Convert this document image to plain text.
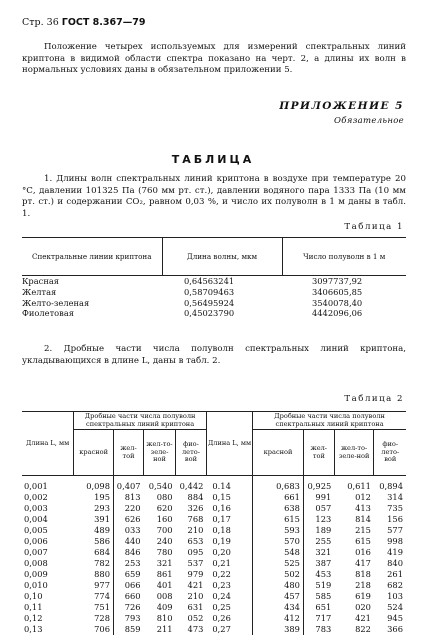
Стр. 36 ГОСТ 8.367—79

Положение четырех используемых для измерений спектральных линий криптона в видимой области спектра показано на черт. 2, а длины их волн в нормальных условиях даны в обязательном приложении 5.

ПРИЛОЖЕНИЕ 5
Обязательное
ТАБЛИЦА

1. Длины волн спектральных линий криптона в воздухе при температуре 20 °С, давлении 101325 Па (760 мм рт. ст.), давлении водяного пара 1333 Па (10 мм рт. ст.) и содержании CO₂, равном 0,03 %, и число их полуволн в 1 м даны в табл. 1.

Таблица 1
Спектральные линии криптона	Длина волны, мкм	Число полуволн в 1 м
Красная	0,64563241	3097737,92
Желтая	0,58709463	3406605,85
Желто-зеленая	0,56495924	3540078,40
Фиолетовая	0,45023790	4442096,06

2. Дробные части числа полуволн спектральных линий криптона, укладывающихся в длине L, даны в табл. 2.

Таблица 2
Длина L, мм	Дробные части числа полуволн спектральных линий криптона				Длина L, мм	Дробные части числа полуволн спектральных линий криптона			
	красной	жел-той	жел-то-зеле-ной	фио-лето-вой		красной	жел-той	жел-то-зеле-ной	фио-лето-вой
0,001	0,098	0,407	0,540	0,442	0.14	0,683	0,925	0,611	0,894
0,002	195	813	080	884	0,15	661	991	012	314
0,003	293	220	620	326	0,16	638	057	413	735
0,004	391	626	160	768	0,17	615	123	814	156
0,005	489	033	700	210	0,18	593	189	215	577
0,006	586	440	240	653	0,19	570	255	615	998
0,007	684	846	780	095	0,20	548	321	016	419
0,008	782	253	321	537	0,21	525	387	417	840
0,009	880	659	861	979	0,22	502	453	818	261
0,010	977	066	401	421	0,23	480	519	218	682
0,10	774	660	008	210	0,24	457	585	619	103
0,11	751	726	409	631	0,25	434	651	020	524
0,12	728	793	810	052	0,26	412	717	421	945
0,13	706	859	211	473	0,27	389	783	822	366
